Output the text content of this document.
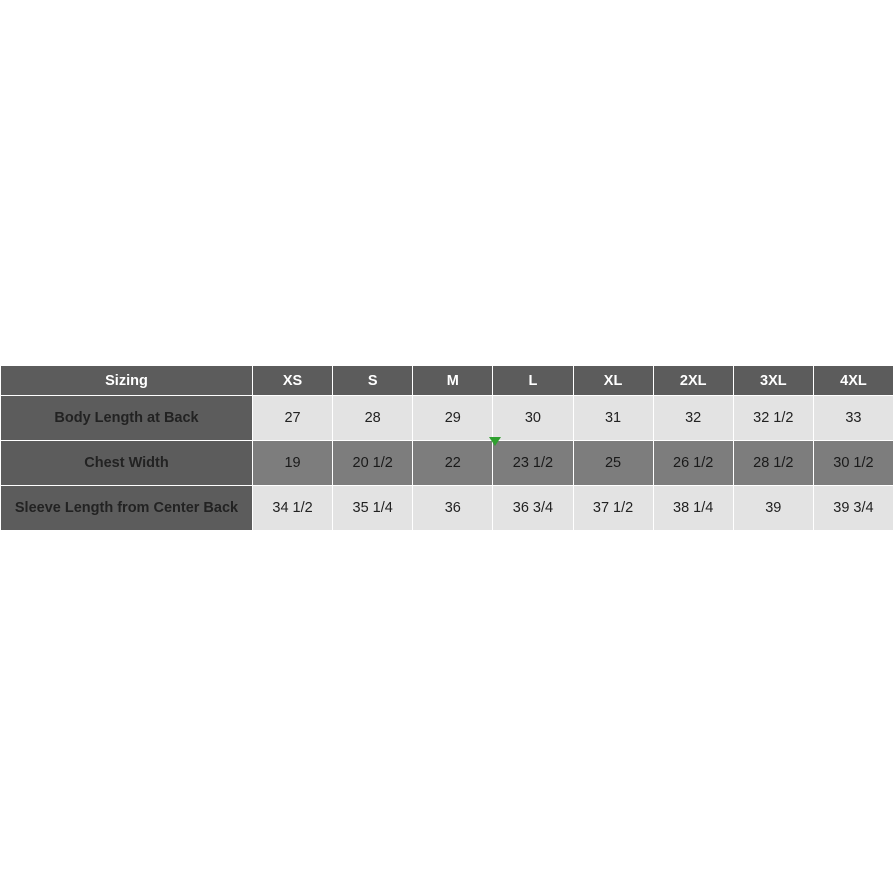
Sizing	XS	S	M	L	XL	2XL	3XL	4XL
Body Length at Back	27	28	29	30	31	32	32 1/2	33
Chest Width	19	20 1/2	22	23 1/2	25	26 1/2	28 1/2	30 1/2
Sleeve Length from Center Back	34 1/2	35 1/4	36	36 3/4	37 1/2	38 1/4	39	39 3/4
